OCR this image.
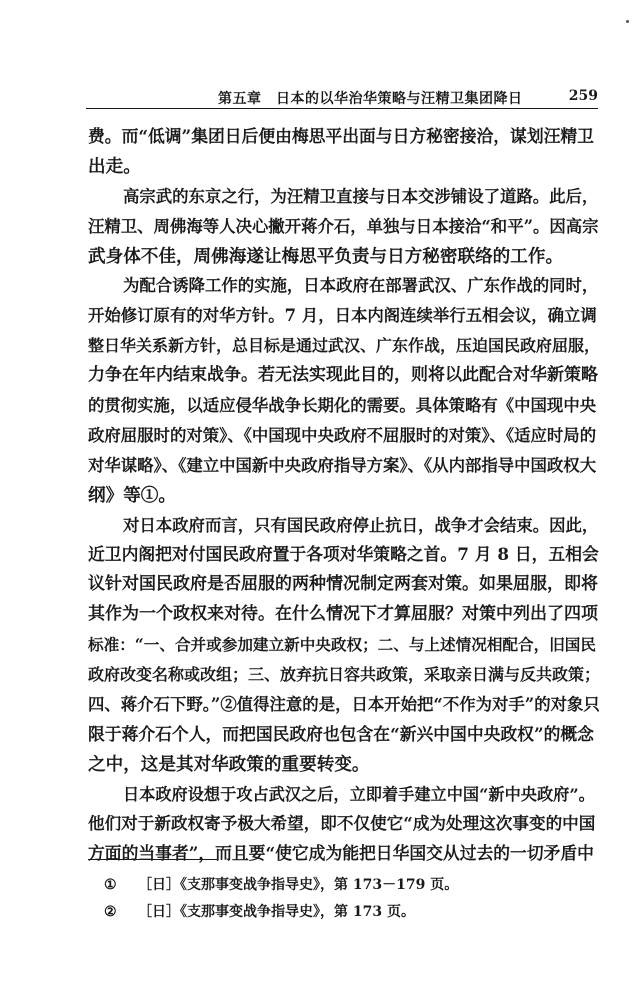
第五章　日本的以华治华策略与汪精卫集团降日	259
费。而“低调”集团日后便由梅思平出面与日方秘密接洽，谋划汪精卫
出走。
高宗武的东京之行，为汪精卫直接与日本交涉铺设了道路。此后，
汪精卫、周佛海等人决心撇开蒋介石，单独与日本接洽“和平”。因高宗
武身体不佳，周佛海遂让梅思平负责与日方秘密联络的工作。
为配合诱降工作的实施，日本政府在部署武汉、广东作战的同时，
开始修订原有的对华方针。7 月，日本内阁连续举行五相会议，确立调
整日华关系新方针，总目标是通过武汉、广东作战，压迫国民政府屈服，
力争在年内结束战争。若无法实现此目的，则将以此配合对华新策略
的贯彻实施，以适应侵华战争长期化的需要。具体策略有《中国现中央
政府屈服时的对策》、《中国现中央政府不屈服时的对策》、《适应时局的
对华谋略》、《建立中国新中央政府指导方案》、《从内部指导中国政权大
纲》等①。
对日本政府而言，只有国民政府停止抗日，战争才会结束。因此，
近卫内阁把对付国民政府置于各项对华策略之首。7 月 8 日，五相会
议针对国民政府是否屈服的两种情况制定两套对策。如果屈服，即将
其作为一个政权来对待。在什么情况下才算屈服？对策中列出了四项
标准：“一、合并或参加建立新中央政权；二、与上述情况相配合，旧国民
政府改变名称或改组；三、放弃抗日容共政策，采取亲日满与反共政策；
四、蒋介石下野。”②值得注意的是，日本开始把“不作为对手”的对象只
限于蒋介石个人，而把国民政府也包含在“新兴中国中央政权”的概念
之中，这是其对华政策的重要转变。
日本政府设想于攻占武汉之后，立即着手建立中国“新中央政府”。
他们对于新政权寄予极大希望，即不仅使它“成为处理这次事变的中国
方面的当事者”，而且要“使它成为能把日华国交从过去的一切矛盾中
① ［日］《支那事变战争指导史》，第 173－179 页。
② ［日］《支那事变战争指导史》，第 173 页。
